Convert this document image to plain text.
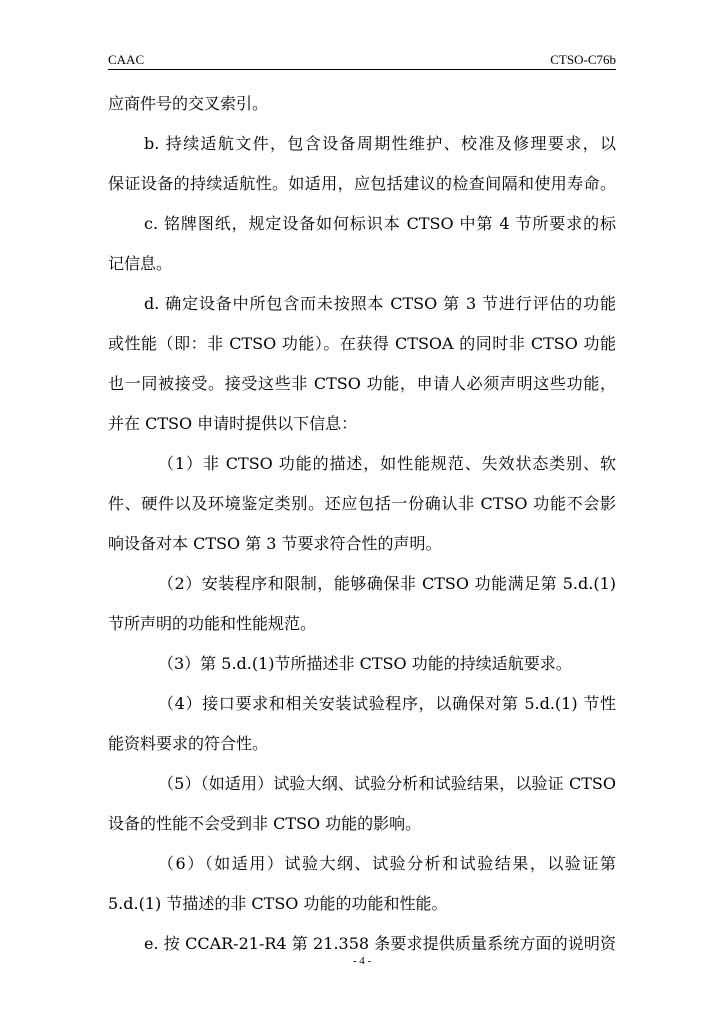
CAAC	CTSO-C76b
应商件号的交叉索引。
b. 持续适航文件，包含设备周期性维护、校准及修理要求，以
保证设备的持续适航性。如适用，应包括建议的检查间隔和使用寿命。
c. 铭牌图纸，规定设备如何标识本 CTSO 中第 4 节所要求的标
记信息。
d. 确定设备中所包含而未按照本 CTSO 第 3 节进行评估的功能
或性能（即：非 CTSO 功能）。在获得 CTSOA 的同时非 CTSO 功能
也一同被接受。接受这些非 CTSO 功能，申请人必须声明这些功能，
并在 CTSO 申请时提供以下信息：
（1）非 CTSO 功能的描述，如性能规范、失效状态类别、软
件、硬件以及环境鉴定类别。还应包括一份确认非 CTSO 功能不会影
响设备对本 CTSO 第 3 节要求符合性的声明。
（2）安装程序和限制，能够确保非 CTSO 功能满足第 5.d.(1)
节所声明的功能和性能规范。
（3）第 5.d.(1)节所描述非 CTSO 功能的持续适航要求。
（4）接口要求和相关安装试验程序，以确保对第 5.d.(1) 节性
能资料要求的符合性。
（5）（如适用）试验大纲、试验分析和试验结果，以验证 CTSO
设备的性能不会受到非 CTSO 功能的影响。
（6）（如适用）试验大纲、试验分析和试验结果，以验证第
5.d.(1) 节描述的非 CTSO 功能的功能和性能。
e. 按 CCAR-21-R4 第 21.358 条要求提供质量系统方面的说明资
- 4 -
